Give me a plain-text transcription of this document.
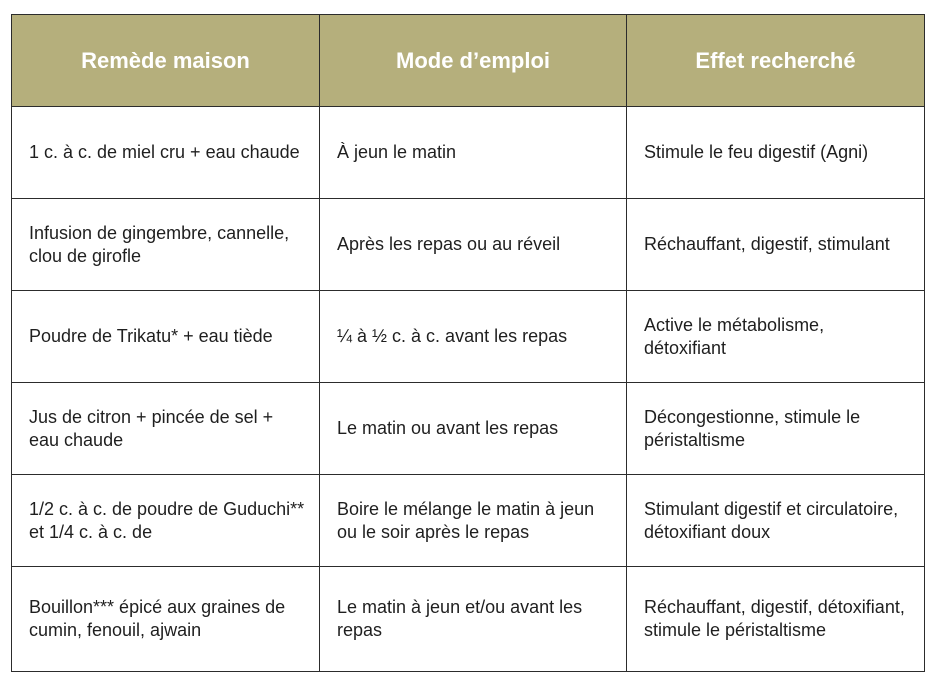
Remède maison	Mode d’emploi	Effet recherché
1 c. à c. de miel cru + eau chaude	À jeun le matin	Stimule le feu digestif (Agni)
Infusion de gingembre, cannelle, clou de girofle	Après les repas ou au réveil	Réchauffant, digestif, stimulant
Poudre de Trikatu* + eau tiède	¼ à ½ c. à c. avant les repas	Active le métabolisme, détoxifiant
Jus de citron + pincée de sel + eau chaude	Le matin ou avant les repas	Décongestionne, stimule le péristaltisme
1/2 c. à c. de poudre de Guduchi** et 1/4 c. à c. de	Boire le mélange le matin à jeun ou le soir après le repas	Stimulant digestif et circulatoire, détoxifiant doux
Bouillon*** épicé aux graines de cumin, fenouil, ajwain	Le matin à jeun et/ou avant les repas	Réchauffant, digestif, détoxifiant, stimule le péristaltisme
